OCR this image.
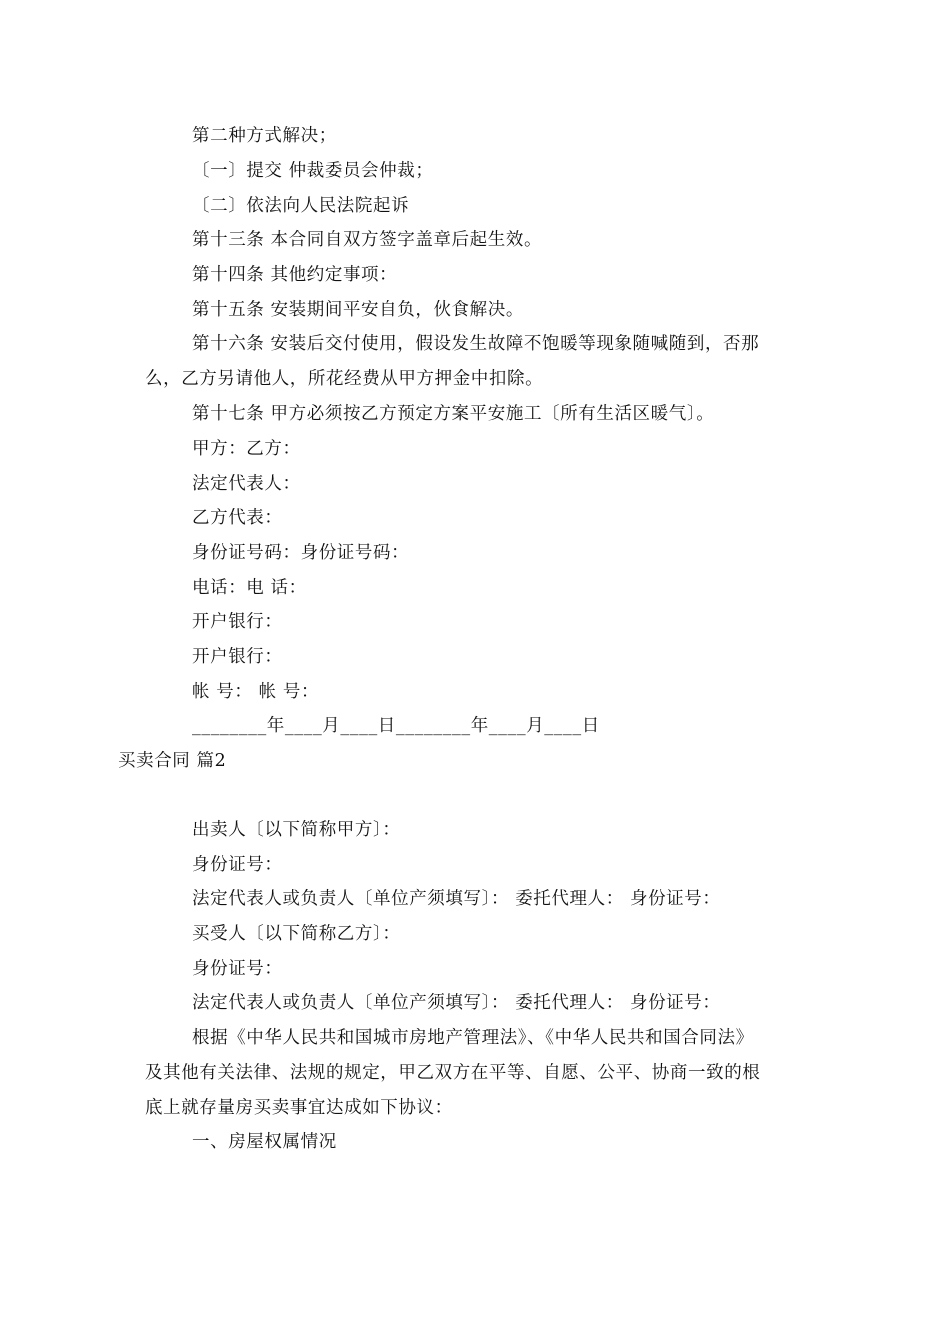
第二种方式解决；
〔一〕提交 仲裁委员会仲裁；
〔二〕依法向人民法院起诉
第十三条 本合同自双方签字盖章后起生效。
第十四条 其他约定事项：
第十五条 安装期间平安自负，伙食解决。
第十六条 安装后交付使用，假设发生故障不饱暖等现象随喊随到，否那
么，乙方另请他人，所花经费从甲方押金中扣除。
第十七条 甲方必须按乙方预定方案平安施工〔所有生活区暖气〕。
甲方：乙方：
法定代表人：
乙方代表：
身份证号码：身份证号码：
电话：电 话：
开户银行：
开户银行：
帐 号： 帐 号：
________年____月____日________年____月____日
买卖合同 篇2
出卖人〔以下简称甲方〕：
身份证号：
法定代表人或负责人〔单位产须填写〕： 委托代理人： 身份证号：
买受人〔以下简称乙方〕：
身份证号：
法定代表人或负责人〔单位产须填写〕： 委托代理人： 身份证号：
根据《中华人民共和国城市房地产管理法》、《中华人民共和国合同法》
及其他有关法律、法规的规定，甲乙双方在平等、自愿、公平、协商一致的根
底上就存量房买卖事宜达成如下协议：
一、房屋权属情况
